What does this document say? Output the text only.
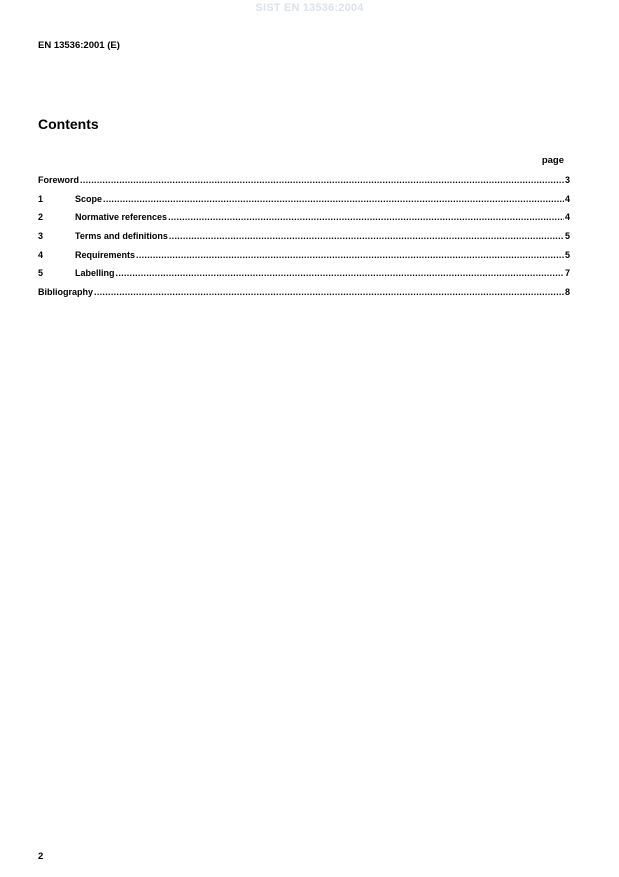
SIST EN 13536:2004
EN 13536:2001 (E)
Contents
page
Foreword .....	3
1	Scope .....	4
2	Normative references .....	4
3	Terms and definitions .....	5
4	Requirements .....	5
5	Labelling .....	7
Bibliography .....	8
2
